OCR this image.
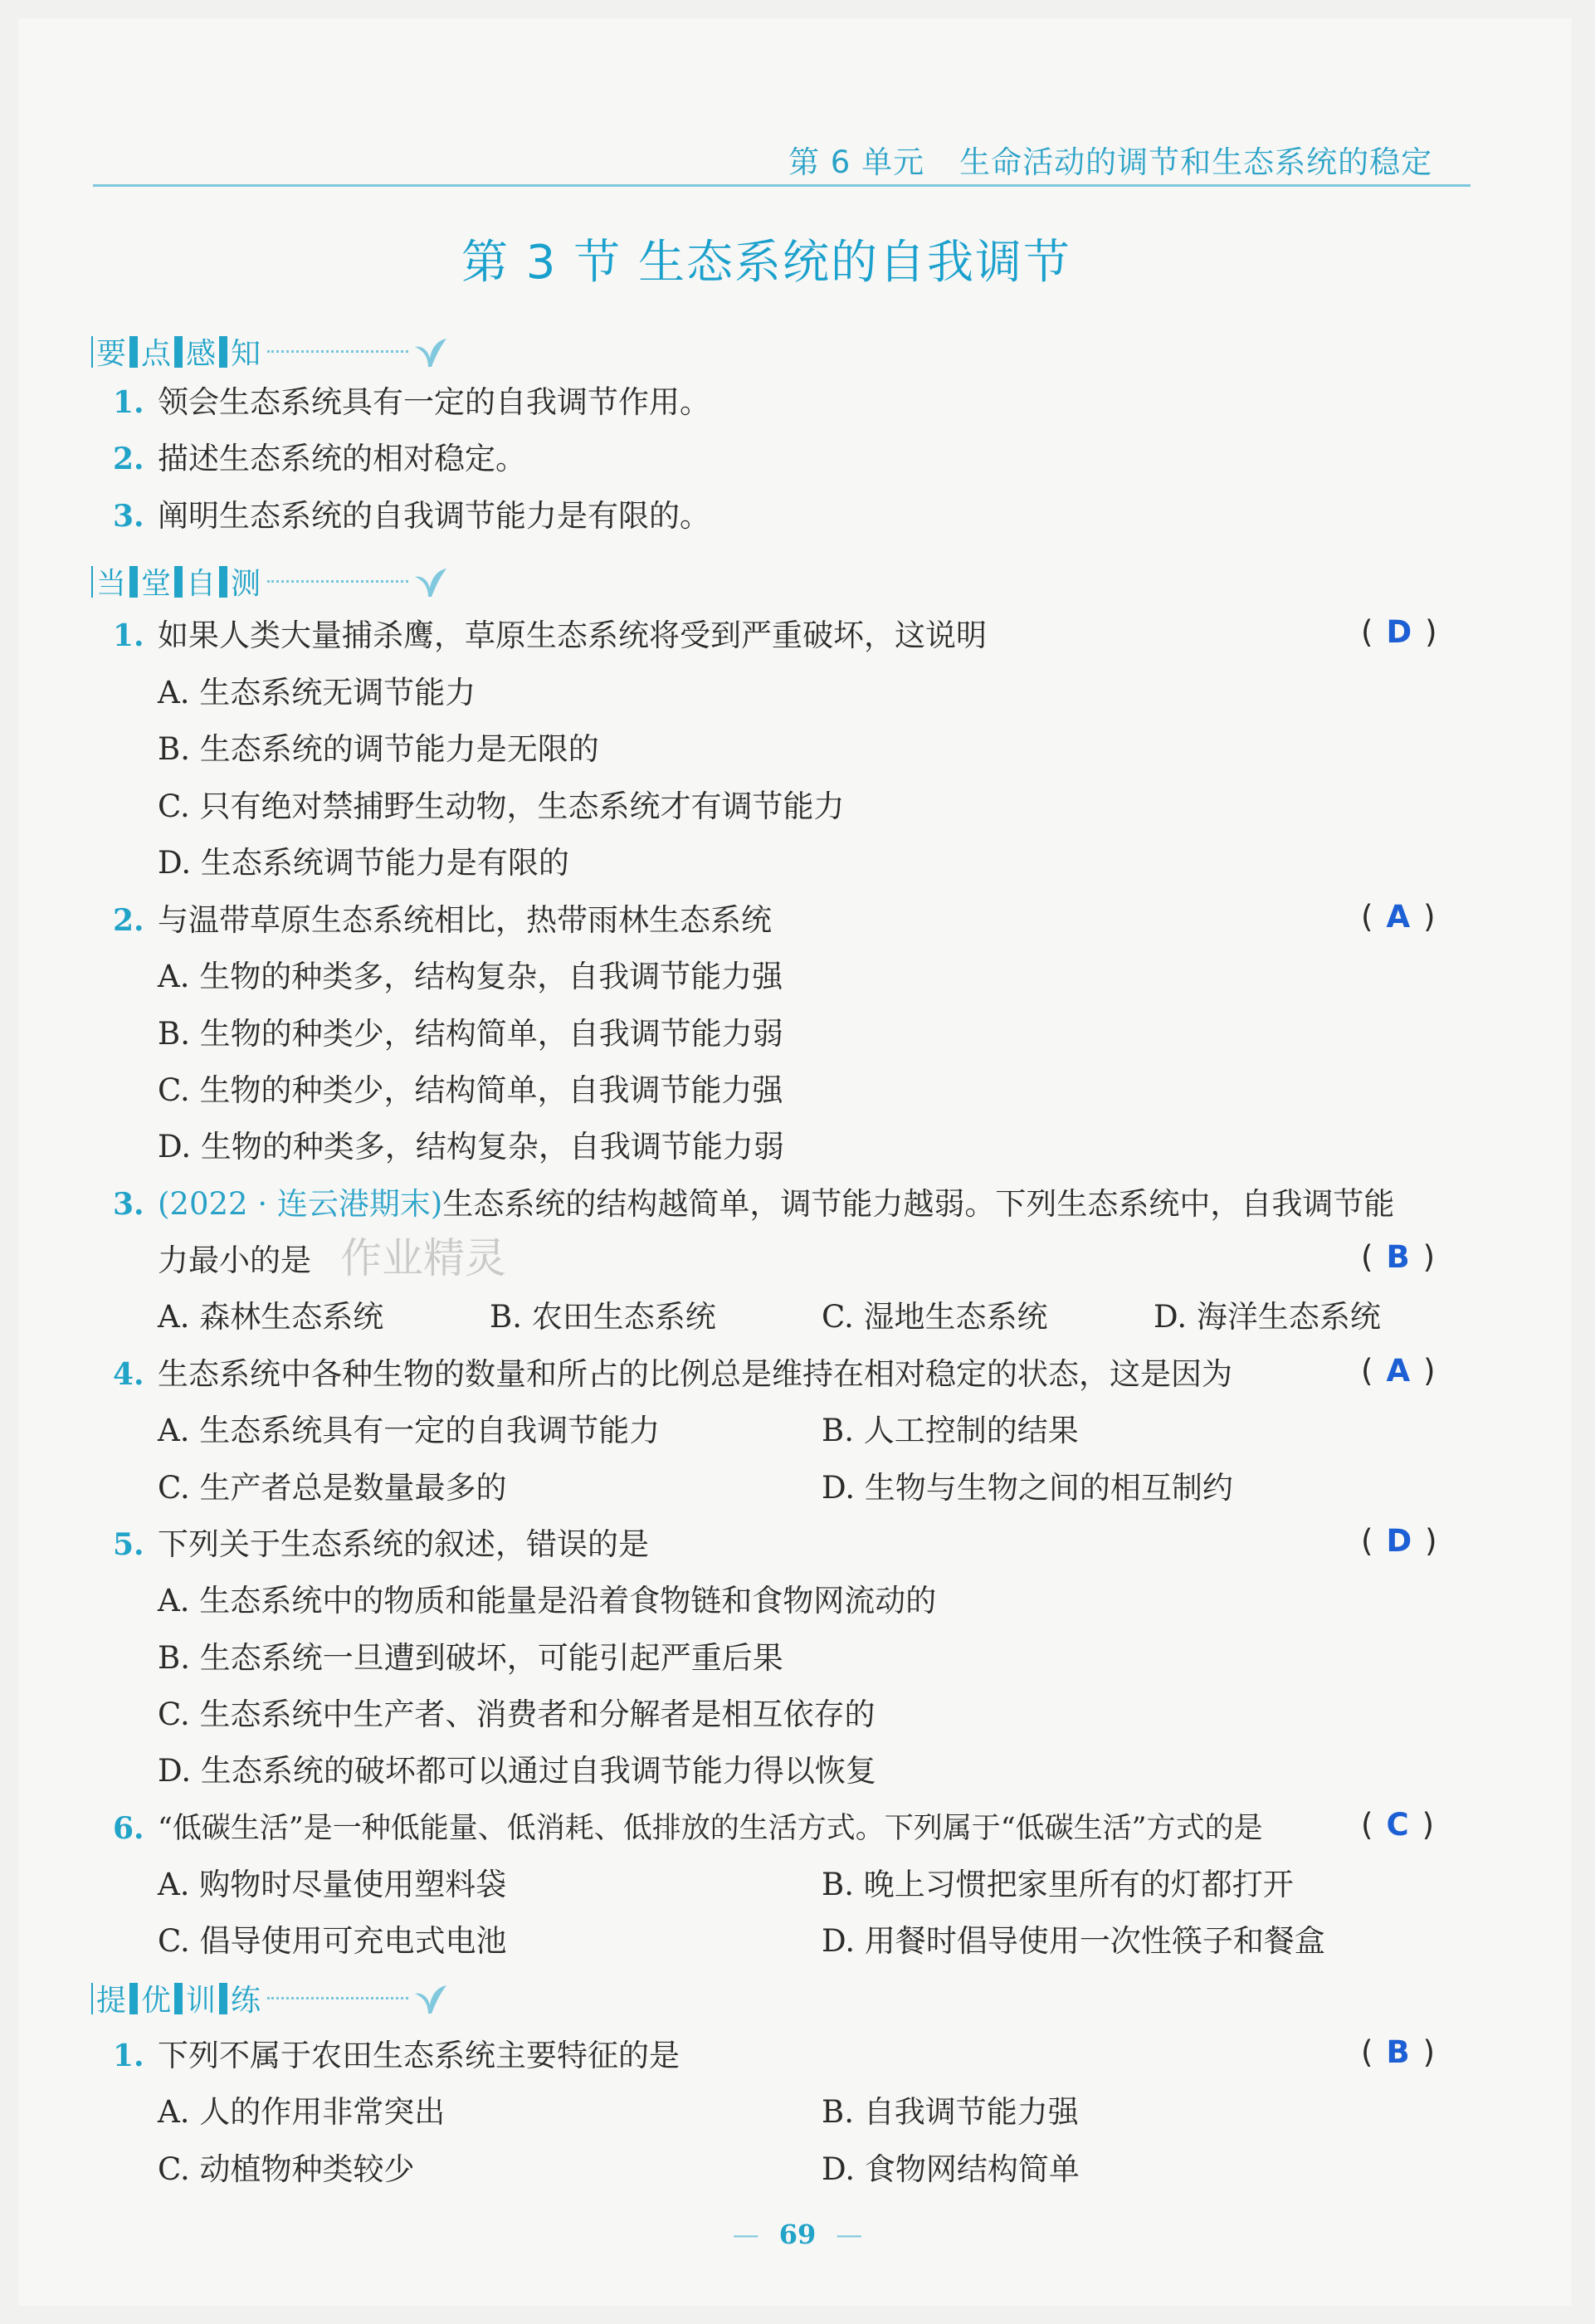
第 6 单元 生命活动的调节和生态系统的稳定
第 3 节 生态系统的自我调节
要 点 感 知
1. 领会生态系统具有一定的自我调节作用。
2. 描述生态系统的相对稳定。
3. 阐明生态系统的自我调节能力是有限的。
当 堂 自 测
1. 如果人类大量捕杀鹰，草原生态系统将受到严重破坏，这说明	( D )
A. 生态系统无调节能力
B. 生态系统的调节能力是无限的
C. 只有绝对禁捕野生动物，生态系统才有调节能力
D. 生态系统调节能力是有限的
2. 与温带草原生态系统相比，热带雨林生态系统	( A )
A. 生物的种类多，结构复杂，自我调节能力强
B. 生物的种类少，结构简单，自我调节能力弱
C. 生物的种类少，结构简单，自我调节能力强
D. 生物的种类多，结构复杂，自我调节能力弱
3. (2022 · 连云港期末)生态系统的结构越简单，调节能力越弱。下列生态系统中，自我调节能
力最小的是 作业精灵	( B )
A. 森林生态系统	B. 农田生态系统	C. 湿地生态系统	D. 海洋生态系统
4. 生态系统中各种生物的数量和所占的比例总是维持在相对稳定的状态，这是因为	( A )
A. 生态系统具有一定的自我调节能力	B. 人工控制的结果
C. 生产者总是数量最多的	D. 生物与生物之间的相互制约
5. 下列关于生态系统的叙述，错误的是	( D )
A. 生态系统中的物质和能量是沿着食物链和食物网流动的
B. 生态系统一旦遭到破坏，可能引起严重后果
C. 生态系统中生产者、消费者和分解者是相互依存的
D. 生态系统的破坏都可以通过自我调节能力得以恢复
6. “低碳生活”是一种低能量、低消耗、低排放的生活方式。下列属于“低碳生活”方式的是	( C )
A. 购物时尽量使用塑料袋	B. 晚上习惯把家里所有的灯都打开
C. 倡导使用可充电式电池	D. 用餐时倡导使用一次性筷子和餐盒
提 优 训 练
1. 下列不属于农田生态系统主要特征的是	( B )
A. 人的作用非常突出	B. 自我调节能力强
C. 动植物种类较少	D. 食物网结构简单
— 69 —
